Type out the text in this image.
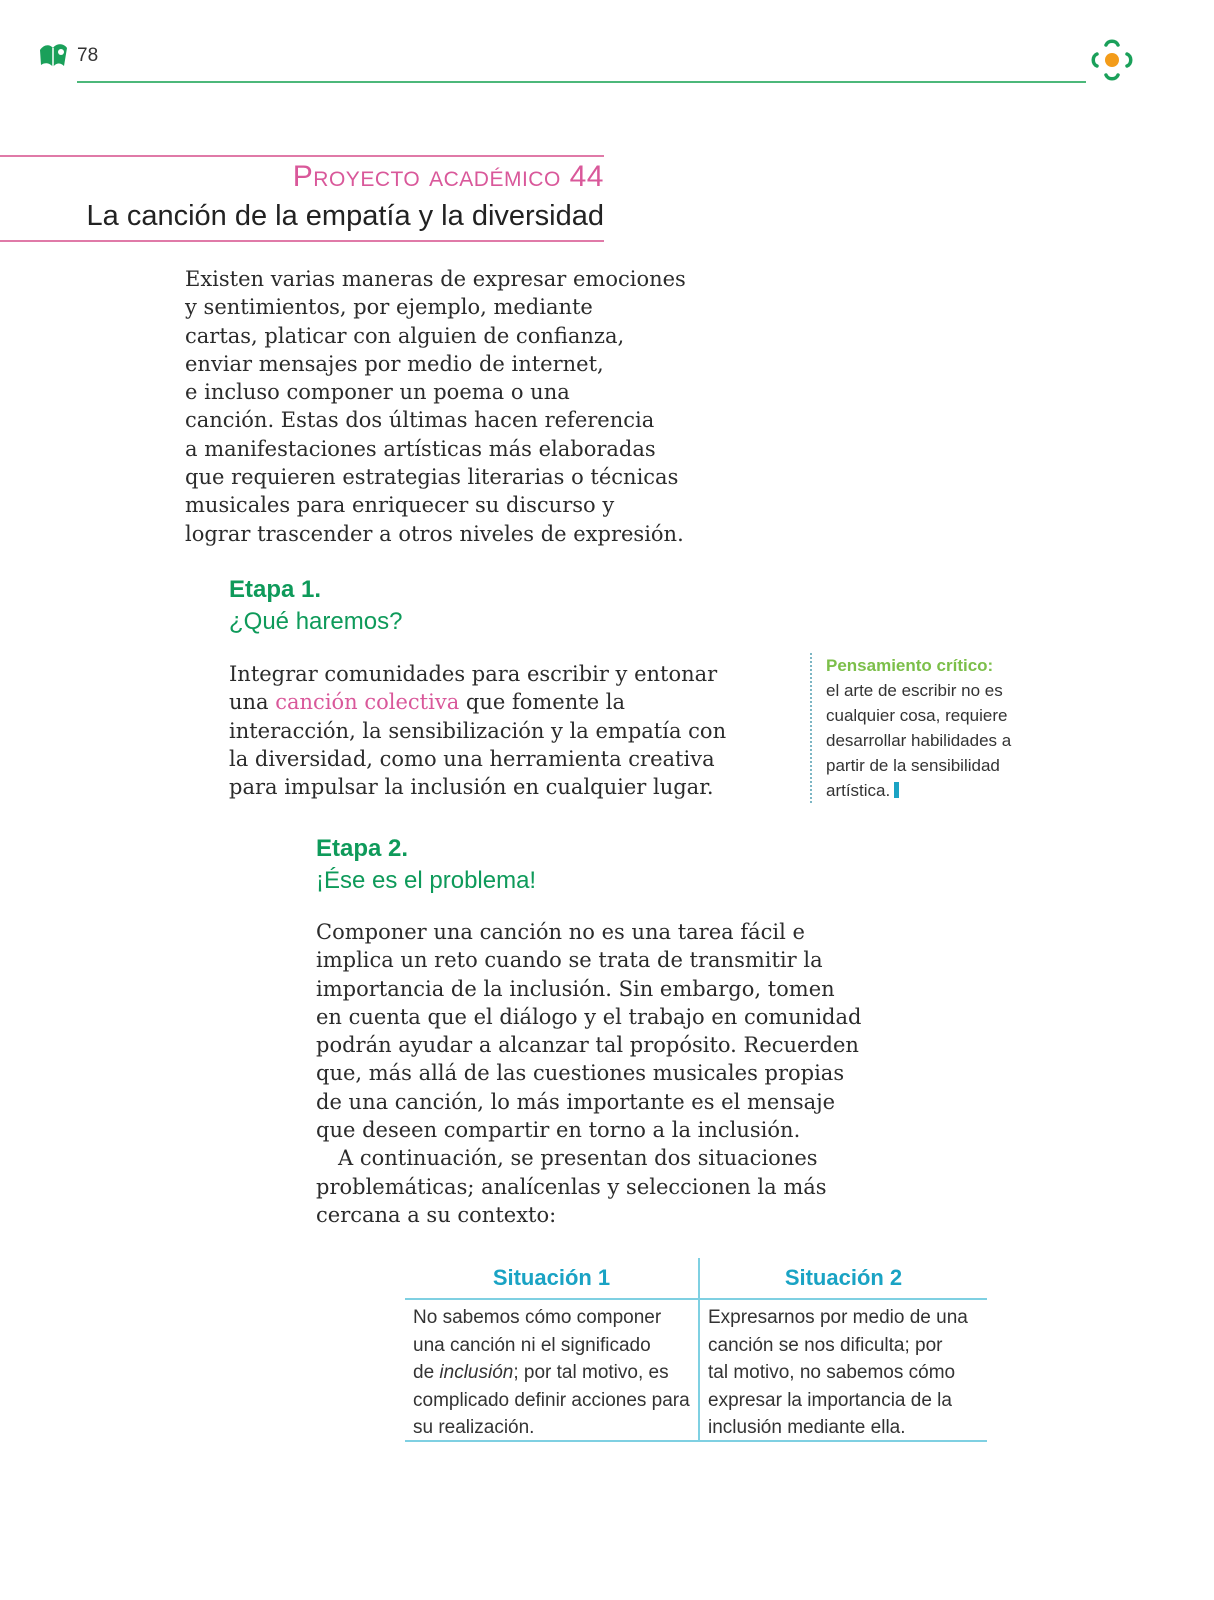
78
Proyecto académico 44
La canción de la empatía y la diversidad
Existen varias maneras de expresar emociones
y sentimientos, por ejemplo, mediante
cartas, platicar con alguien de confianza,
enviar mensajes por medio de internet,
e incluso componer un poema o una
canción. Estas dos últimas hacen referencia
a manifestaciones artísticas más elaboradas
que requieren estrategias literarias o técnicas
musicales para enriquecer su discurso y
lograr trascender a otros niveles de expresión.
Etapa 1.
¿Qué haremos?
Integrar comunidades para escribir y entonar
una canción colectiva que fomente la
interacción, la sensibilización y la empatía con
la diversidad, como una herramienta creativa
para impulsar la inclusión en cualquier lugar.
Pensamiento crítico:
el arte de escribir no es
cualquier cosa, requiere
desarrollar habilidades a
partir de la sensibilidad
artística.
Etapa 2.
¡Ése es el problema!
Componer una canción no es una tarea fácil e
implica un reto cuando se trata de transmitir la
importancia de la inclusión. Sin embargo, tomen
en cuenta que el diálogo y el trabajo en comunidad
podrán ayudar a alcanzar tal propósito. Recuerden
que, más allá de las cuestiones musicales propias
de una canción, lo más importante es el mensaje
que deseen compartir en torno a la inclusión.
A continuación, se presentan dos situaciones
problemáticas; analícenlas y seleccionen la más
cercana a su contexto:
Situación 1	Situación 2
No sabemos cómo componer
una canción ni el significado
de inclusión; por tal motivo, es
complicado definir acciones para
su realización.
Expresarnos por medio de una
canción se nos dificulta; por
tal motivo, no sabemos cómo
expresar la importancia de la
inclusión mediante ella.
